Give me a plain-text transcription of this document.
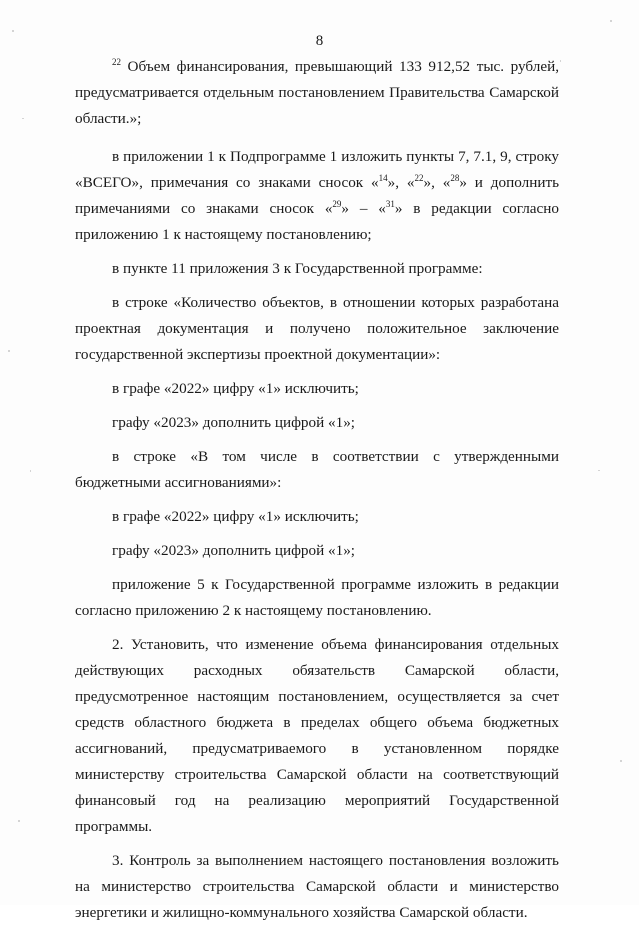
8

$^{22}$ Объем финансирования, превышающий 133 912,52 тыс. рублей, предусматривается отдельным постановлением Правительства Самарской области.»;

в приложении 1 к Подпрограмме 1 изложить пункты 7, 7.1, 9, строку «ВСЕГО», примечания со знаками сносок «$^{14}$», «$^{22}$», «$^{28}$» и дополнить примечаниями со знаками сносок «$^{29}$» – «$^{31}$» в редакции согласно приложению 1 к настоящему постановлению;

в пункте 11 приложения 3 к Государственной программе:

в строке «Количество объектов, в отношении которых разработана проектная документация и получено положительное заключение государственной экспертизы проектной документации»:

в графе «2022» цифру «1» исключить;

графу «2023» дополнить цифрой «1»;

в строке «В том числе в соответствии с утвержденными бюджетными ассигнованиями»:

в графе «2022» цифру «1» исключить;

графу «2023» дополнить цифрой «1»;

приложение 5 к Государственной программе изложить в редакции согласно приложению 2 к настоящему постановлению.

2. Установить, что изменение объема финансирования отдельных действующих расходных обязательств Самарской области, предусмотренное настоящим постановлением, осуществляется за счет средств областного бюджета в пределах общего объема бюджетных ассигнований, предусматриваемого в установленном порядке министерству строительства Самарской области на соответствующий финансовый год на реализацию мероприятий Государственной программы.

3. Контроль за выполнением настоящего постановления возложить на министерство строительства Самарской области и министерство энергетики и жилищно-коммунального хозяйства Самарской области.
